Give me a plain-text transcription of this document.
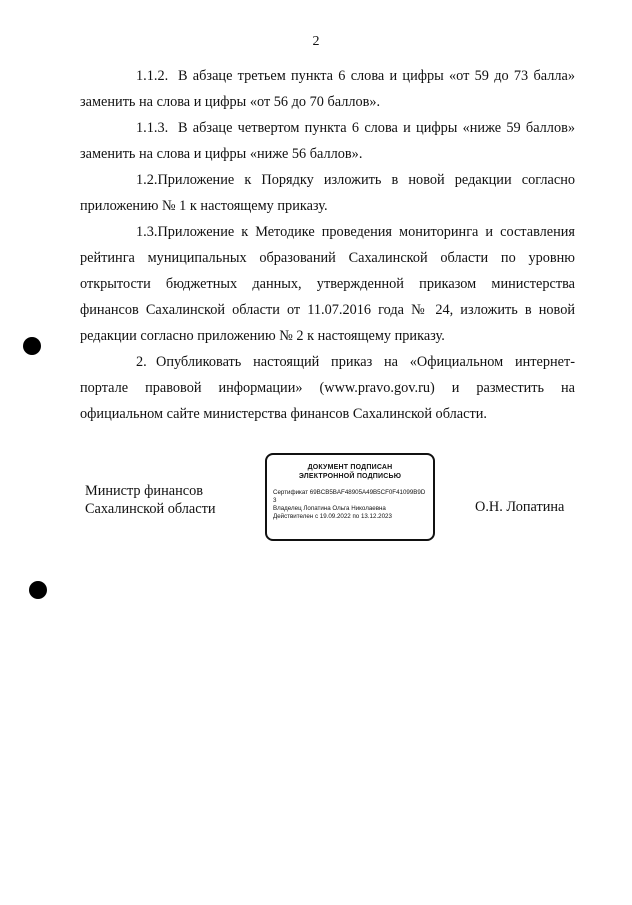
2

1.1.2. В абзаце третьем пункта 6 слова и цифры «от 59 до 73 балла» заменить на слова и цифры «от 56 до 70 баллов».

1.1.3. В абзаце четвертом пункта 6 слова и цифры «ниже 59 баллов» заменить на слова и цифры «ниже 56 баллов».

1.2.Приложение к Порядку изложить в новой редакции согласно приложению № 1 к настоящему приказу.

1.3.Приложение к Методике проведения мониторинга и составления рейтинга муниципальных образований Сахалинской области по уровню открытости бюджетных данных, утвержденной приказом министерства финансов Сахалинской области от 11.07.2016 года № 24, изложить в новой редакции согласно приложению № 2 к настоящему приказу.

2. Опубликовать настоящий приказ на «Официальном интернет-портале правовой информации» (www.pravo.gov.ru) и разместить на официальном сайте министерства финансов Сахалинской области.

Министр финансов
Сахалинской области
ДОКУМЕНТ ПОДПИСАН
ЭЛЕКТРОННОЙ ПОДПИСЬЮ
Сертификат 69BCB5BAF48905A49B5CF0F41099B9D
3
Владелец Лопатина Ольга Николаевна
Действителен с 19.09.2022 по 13.12.2023
О.Н. Лопатина
